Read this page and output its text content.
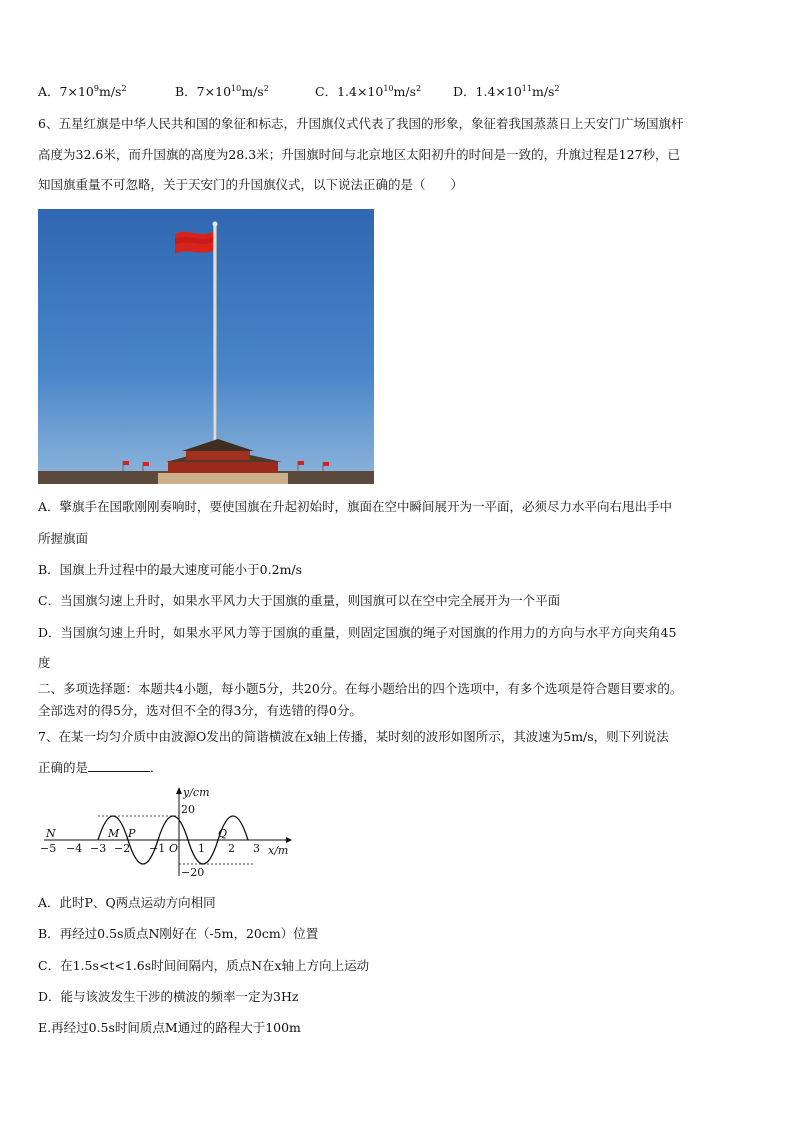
A．$7\times 10^9m/s^2$	B．$7\times 10^{10}m/s^2$	C．$1.4\times 10^{10}m/s^2$	D．$1.4\times 10^{11}m/s^2$
6、五星红旗是中华人民共和国的象征和标志，升国旗仪式代表了我国的形象，象征着我国蒸蒸日上天安门广场国旗杆
高度为32.6米，而升国旗的高度为28.3米；升国旗时间与北京地区太阳初升的时间是一致的，升旗过程是127秒，已
知国旗重量不可忽略，关于天安门的升国旗仪式，以下说法正确的是（　　）
A．擎旗手在国歌刚刚奏响时，要使国旗在升起初始时，旗面在空中瞬间展开为一平面，必须尽力水平向右甩出手中
所握旗面
B．国旗上升过程中的最大速度可能小于0.2m/s
C．当国旗匀速上升时，如果水平风力大于国旗的重量，则国旗可以在空中完全展开为一个平面
D．当国旗匀速上升时，如果水平风力等于国旗的重量，则固定国旗的绳子对国旗的作用力的方向与水平方向夹角45
度
二、多项选择题：本题共4小题，每小题5分，共20分。在每小题给出的四个选项中，有多个选项是符合题目要求的。
全部选对的得5分，选对但不全的得3分，有选错的得0分。
7、在某一均匀介质中由波源O发出的简谐横波在x轴上传播，某时刻的波形如图所示，其波速为5m/s，则下列说法
正确的是	．
y/cm
x/m
20
−20
−5 −4 −3 −2 −1 O 1 2 3
N	M P	Q
A．此时P、Q两点运动方向相同
B．再经过0.5s质点N刚好在（-5m，20cm）位置
C．在1.5s<t<1.6s时间间隔内，质点N在x轴上方向上运动
D．能与该波发生干涉的横波的频率一定为3Hz
E.再经过0.5s时间质点M通过的路程大于100m
